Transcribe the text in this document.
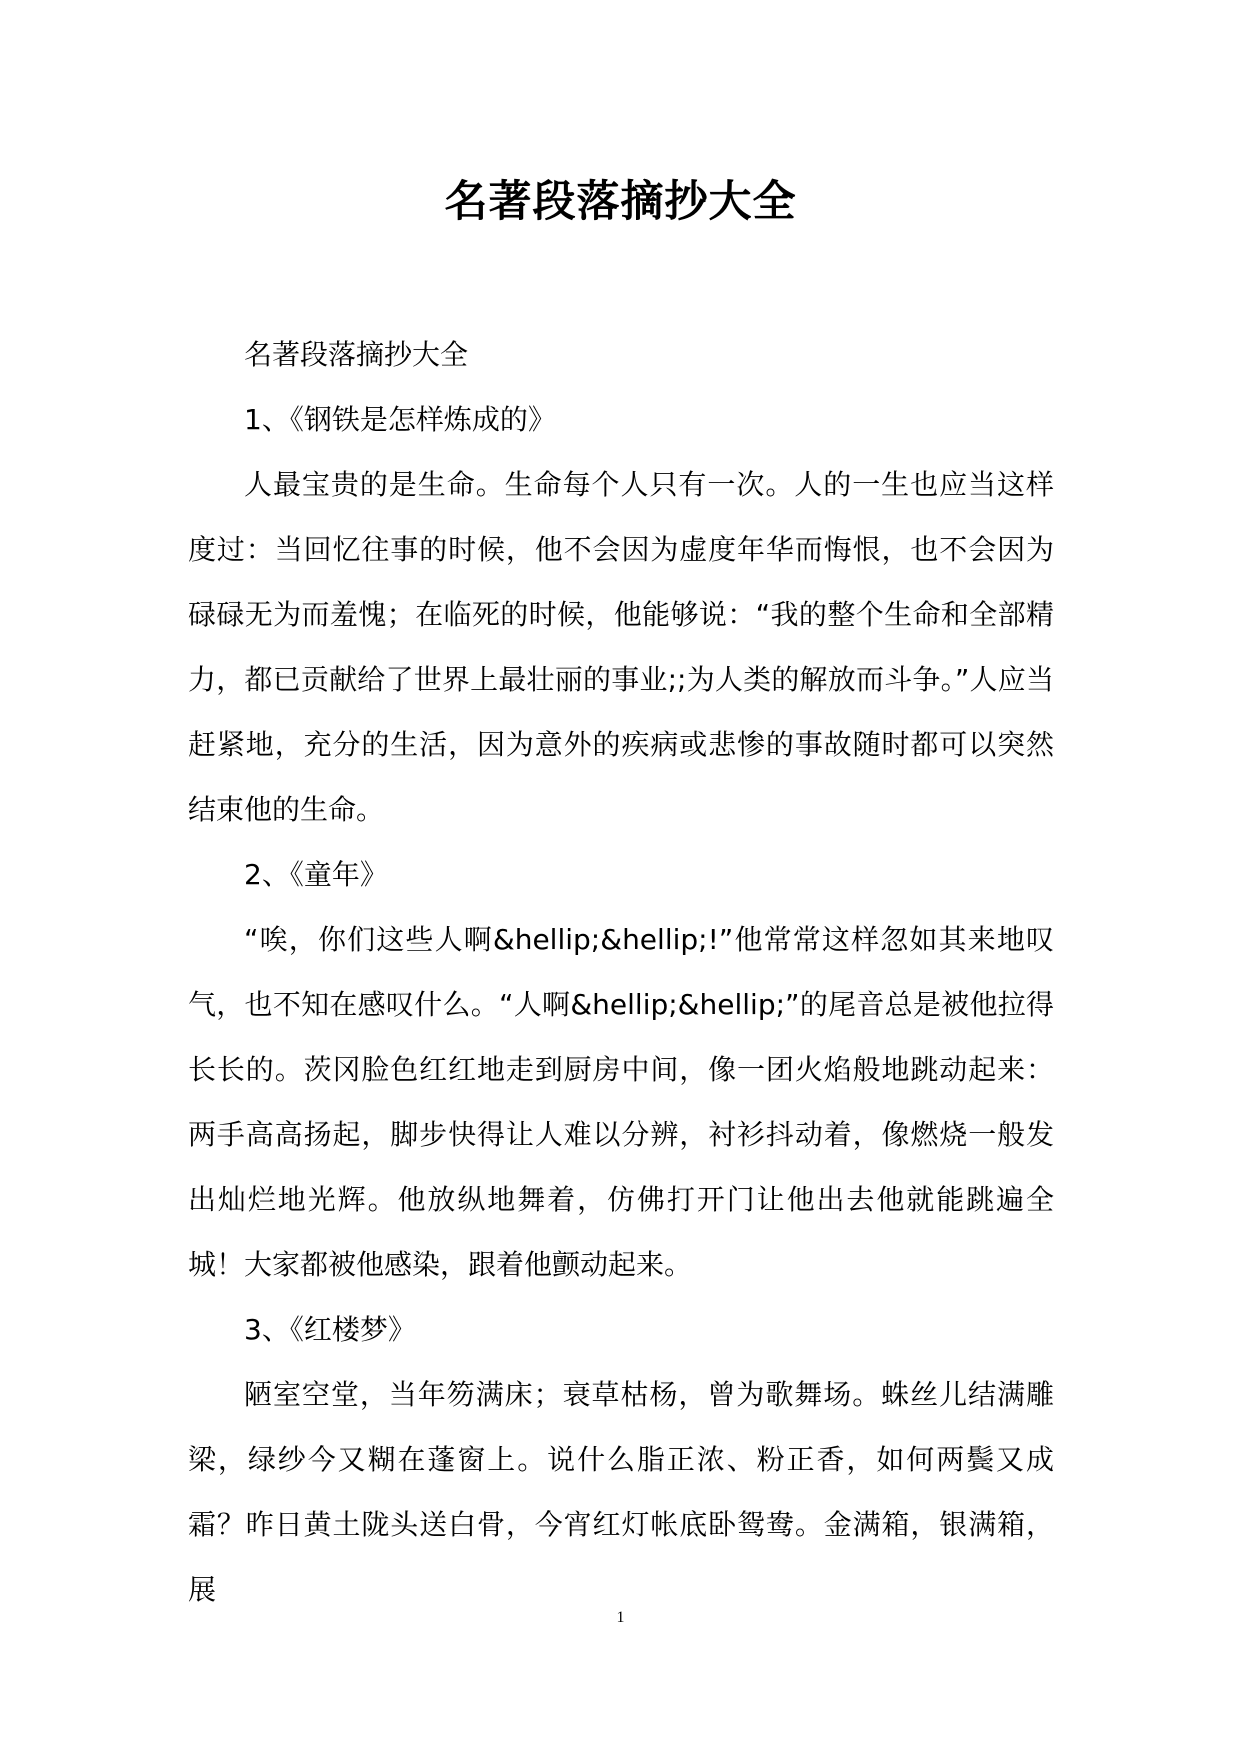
名著段落摘抄大全

名著段落摘抄大全

1、《钢铁是怎样炼成的》

人最宝贵的是生命。生命每个人只有一次。人的一生也应当这样度过：当回忆往事的时候，他不会因为虚度年华而悔恨，也不会因为碌碌无为而羞愧；在临死的时候，他能够说：“我的整个生命和全部精力，都已贡献给了世界上最壮丽的事业;;为人类的解放而斗争。”人应当赶紧地，充分的生活，因为意外的疾病或悲惨的事故随时都可以突然结束他的生命。

2、《童年》

“唉，你们这些人啊&hellip;&hellip;!”他常常这样忽如其来地叹气，也不知在感叹什么。“人啊&hellip;&hellip;”的尾音总是被他拉得长长的。茨冈脸色红红地走到厨房中间，像一团火焰般地跳动起来：两手高高扬起，脚步快得让人难以分辨，衬衫抖动着，像燃烧一般发出灿烂地光辉。他放纵地舞着，仿佛打开门让他出去他就能跳遍全城！大家都被他感染，跟着他颤动起来。

3、《红楼梦》

陋室空堂，当年笏满床；衰草枯杨，曾为歌舞场。蛛丝儿结满雕梁，绿纱今又糊在蓬窗上。说什么脂正浓、粉正香，如何两鬓又成霜？昨日黄土陇头送白骨，今宵红灯帐底卧鸳鸯。金满箱，银满箱，展

1
